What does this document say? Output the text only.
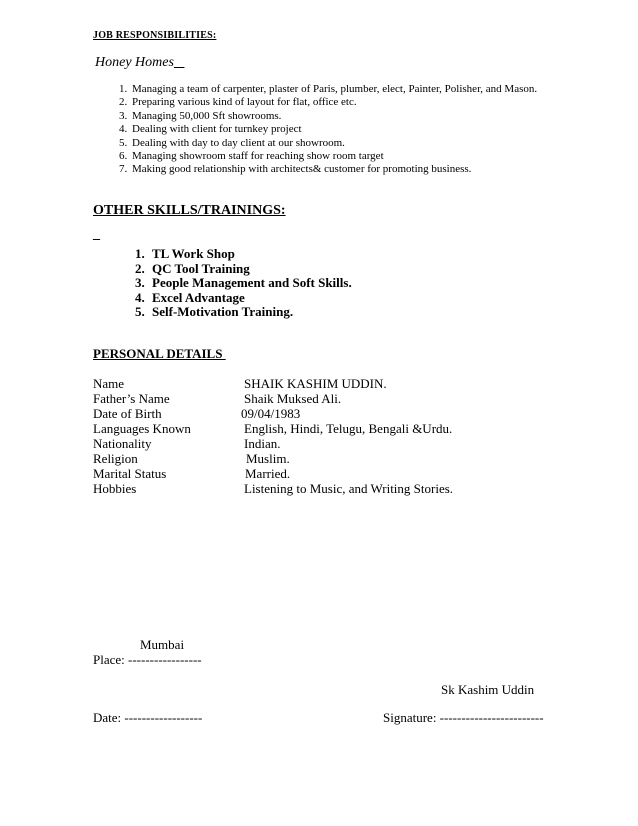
JOB RESPONSIBILITIES:
Honey Homes
1. Managing a team of carpenter, plaster of Paris, plumber, elect, Painter, Polisher, and Mason.
2. Preparing various kind of layout for flat, office etc.
3. Managing 50,000 Sft showrooms.
4. Dealing with client for turnkey project
5. Dealing with day to day client at our showroom.
6. Managing showroom staff for reaching show room target
7. Making good relationship with architects& customer for promoting business.
OTHER SKILLS/TRAININGS:
_
1. TL Work Shop
2. QC Tool Training
3. People Management and Soft Skills.
4. Excel Advantage
5. Self-Motivation Training.
PERSONAL DETAILS
Name	SHAIK KASHIM UDDIN.
Father’s Name	Shaik Muksed Ali.
Date of Birth	09/04/1983
Languages Known	English, Hindi, Telugu, Bengali &Urdu.
Nationality	Indian.
Religion	Muslim.
Marital Status	Married.
Hobbies	Listening to Music, and Writing Stories.
Mumbai
Place: -----------------
Sk Kashim Uddin
Date: ------------------	Signature: ------------------------
